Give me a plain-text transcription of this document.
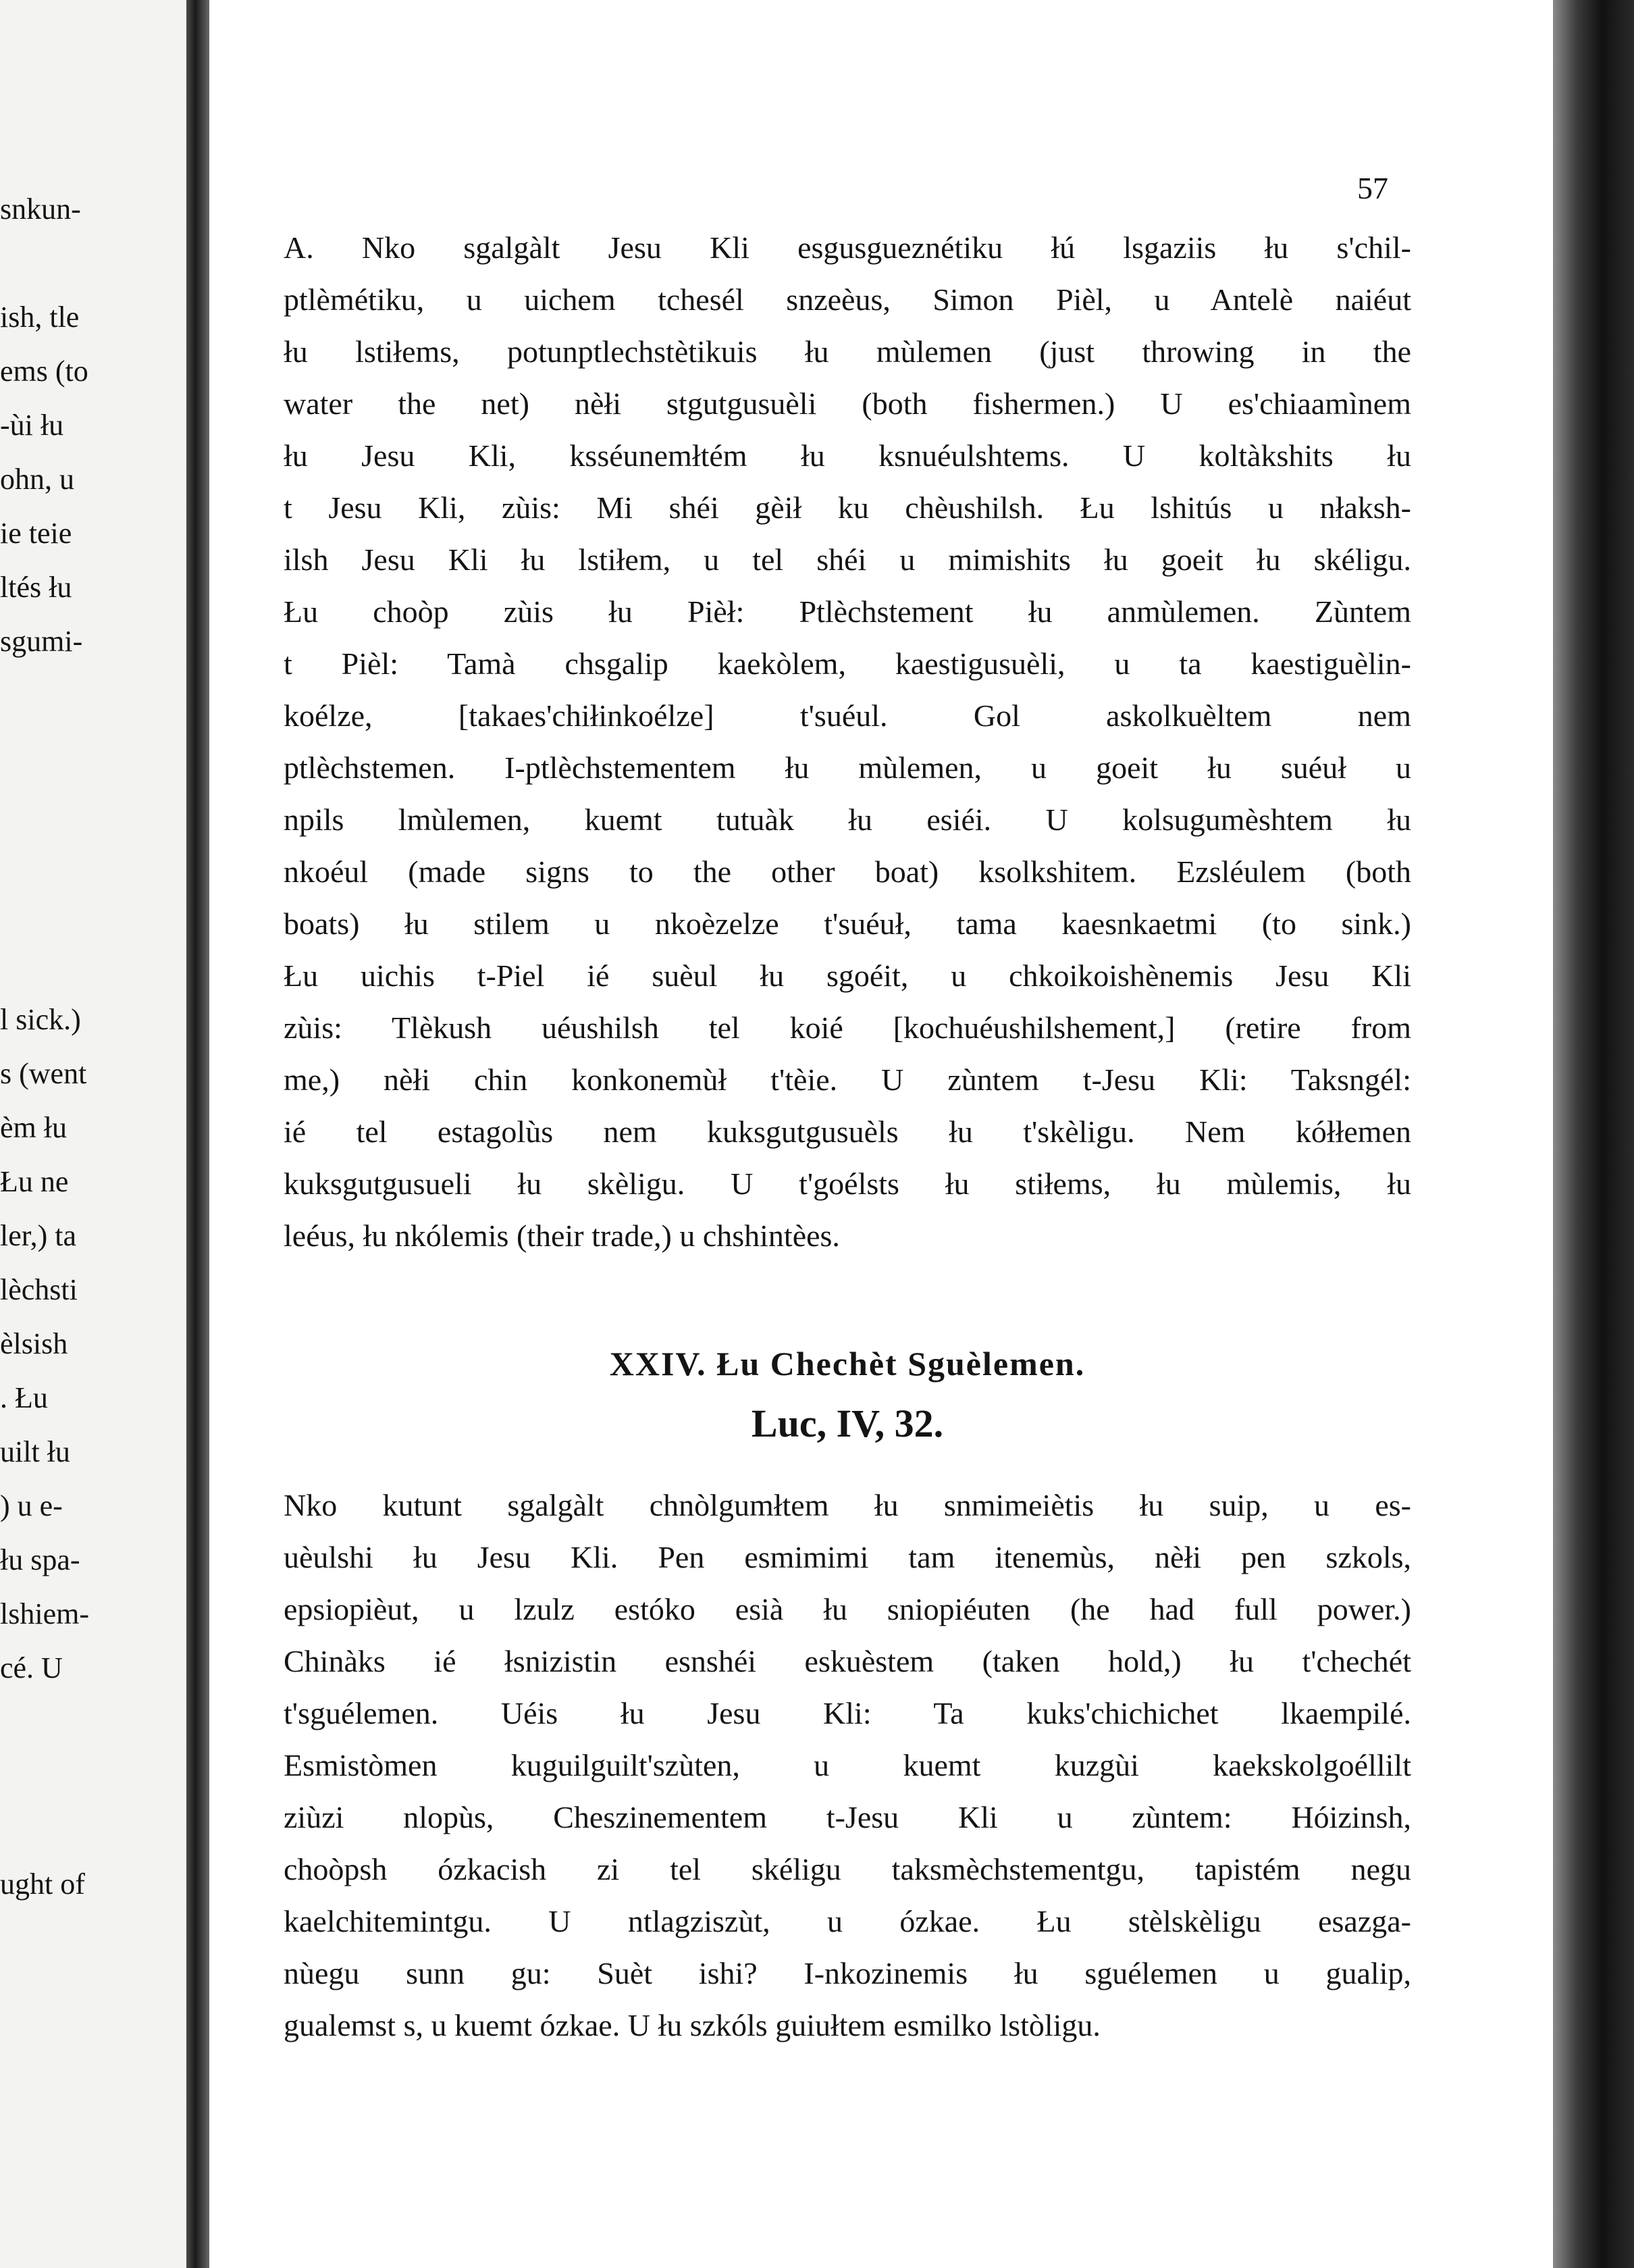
snkun-
ish, tle
ems (to
-ùi łu
ohn, u
ie teie
ltés łu
sgumi-
l sick.)
s (went
èm łu
Łu ne
ler,) ta
lèchsti
èlsish
. Łu
uilt łu
) u e-
łu spa-
lshiem-
cé. U
ught of
57
A. Nko sgalgàlt Jesu Kli esgusgueznétiku łú lsgaziis łu s'chil-
ptlèmétiku, u uichem tchesél snzeèus, Simon Pièl, u Antelè naiéut
łu lstiłems, potunptlechstètikuis łu mùlemen (just throwing in the
water the net) nèłi stgutgusuèli (both fishermen.) U es'chiaamìnem
łu Jesu Kli, ksséunemłtém łu ksnuéulshtems. U koltàkshits łu
t Jesu Kli, zùis: Mi shéi gèił ku chèushilsh. Łu lshitús u nłaksh-
ilsh Jesu Kli łu lstiłem, u tel shéi u mimishits łu goeit łu skéligu.
Łu choòp zùis łu Pièł: Ptlèchstement łu anmùlemen. Zùntem
t Pièl: Tamà chsgalip kaekòlem, kaestigusuèli, u ta kaestiguèlin-
koélze, [takaes'chiłinkoélze] t'suéul. Gol askolkuèltem nem
ptlèchstemen. I-ptlèchstementem łu mùlemen, u goeit łu suéuł u
npils lmùlemen, kuemt tutuàk łu esiéi. U kolsugumèshtem łu
nkoéul (made signs to the other boat) ksolkshitem. Ezsléulem (both
boats) łu stilem u nkoèzelze t'suéuł, tama kaesnkaetmi (to sink.)
Łu uichis t-Piel ié suèul łu sgoéit, u chkoikoishènemis Jesu Kli
zùis: Tlèkush uéushilsh tel koié [kochuéushilshement,] (retire from
me,) nèłi chin konkonemùł t'tèie. U zùntem t-Jesu Kli: Taksngél:
ié tel estagolùs nem kuksgutgusuèls łu t'skèligu. Nem kółłemen
kuksgutgusueli łu skèligu. U t'goélsts łu stiłems, łu mùlemis, łu
leéus, łu nkólemis (their trade,) u chshintèes.
XXIV. Łu Chechèt Sguèlemen.
Luc, IV, 32.
Nko kutunt sgalgàlt chnòlgumłtem łu snmimeiètis łu suip, u es-
uèulshi łu Jesu Kli. Pen esmimimi tam itenemùs, nèłi pen szkols,
epsiopièut, u lzulz estóko esià łu sniopiéuten (he had full power.)
Chinàks ié łsnizistin esnshéi eskuèstem (taken hold,) łu t'chechét
t'sguélemen. Uéis łu Jesu Kli: Ta kuks'chichichet lkaempilé.
Esmistòmen kuguilguilt'szùten, u kuemt kuzgùi kaekskolgoéllilt
ziùzi nlopùs, Cheszinementem t-Jesu Kli u zùntem: Hóizinsh,
choòpsh ózkacish zi tel skéligu taksmèchstementgu, tapistém negu
kaelchitemintgu. U ntlagziszùt, u ózkae. Łu stèlskèligu esazga-
nùegu sunn gu: Suèt ishi? I-nkozinemis łu sguélemen u gualip,
gualemst s, u kuemt ózkae. U łu szkóls guiułtem esmilko lstòligu.
